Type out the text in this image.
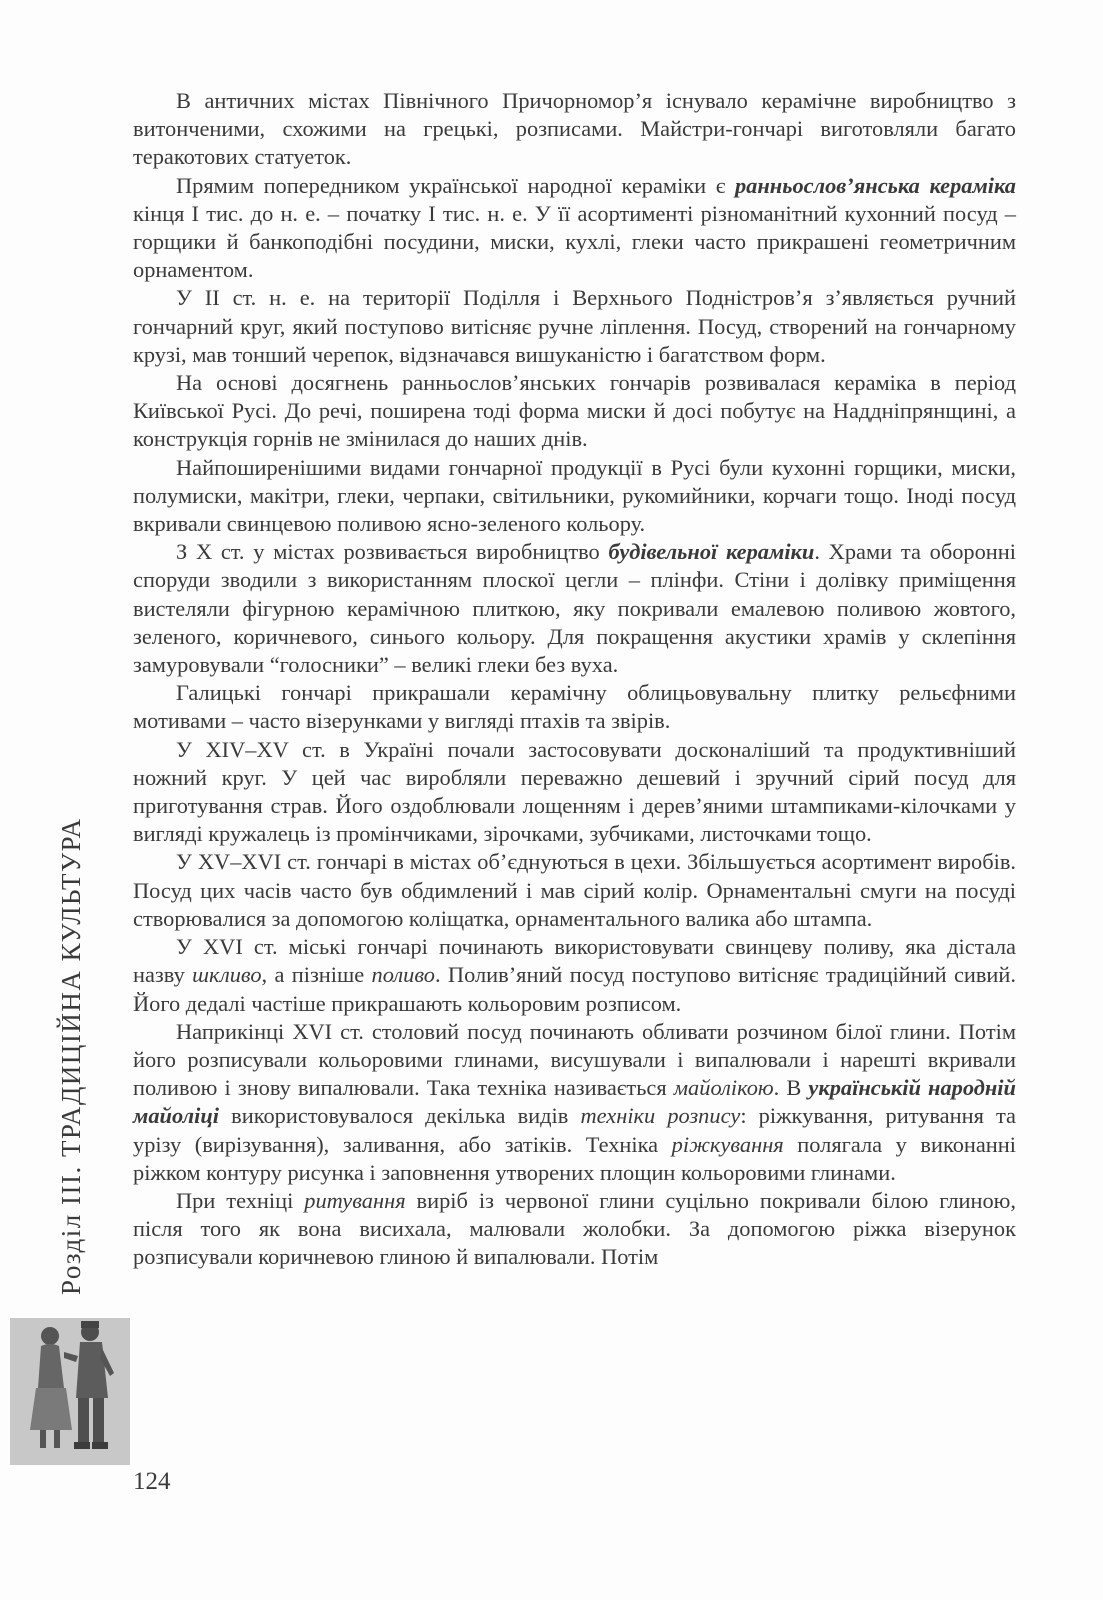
В античних містах Північного Причорномор’я існувало керамічне виробництво з витонченими, схожими на грецькі, розписами. Майстри-гончарі виготовляли багато теракотових статуеток.

Прямим попередником української народної кераміки є ранньослов’янська кераміка кінця І тис. до н. е. – початку І тис. н. е. У її асортименті різноманітний кухонний посуд – горщики й банкоподібні посудини, миски, кухлі, глеки часто прикрашені геометричним орнаментом.

У ІІ ст. н. е. на території Поділля і Верхнього Подністров’я з’являється ручний гончарний круг, який поступово витісняє ручне ліплення. Посуд, створений на гончарному крузі, мав тонший черепок, відзначався вишуканістю і багатством форм.

На основі досягнень ранньослов’янських гончарів розвивалася кераміка в період Київської Русі. До речі, поширена тоді форма миски й досі побутує на Наддніпрянщині, а конструкція горнів не змінилася до наших днів.

Найпоширенішими видами гончарної продукції в Русі були кухонні горщики, миски, полумиски, макітри, глеки, черпаки, світильники, рукомийники, корчаги тощо. Іноді посуд вкривали свинцевою поливою ясно-зеленого кольору.

З Х ст. у містах розвивається виробництво будівельної кераміки. Храми та оборонні споруди зводили з використанням плоскої цегли – плінфи. Стіни і долівку приміщення вистеляли фігурною керамічною плиткою, яку покривали емалевою поливою жовтого, зеленого, коричневого, синього кольору. Для покращення акустики храмів у склепіння замуровували “голосники” – великі глеки без вуха.

Галицькі гончарі прикрашали керамічну облицьовувальну плитку рельєфними мотивами – часто візерунками у вигляді птахів та звірів.

У XIV–XV ст. в Україні почали застосовувати досконаліший та продуктивніший ножний круг. У цей час виробляли переважно дешевий і зручний сірий посуд для приготування страв. Його оздоблювали лощенням і дерев’яними штампиками-кілочками у вигляді кружалець із промінчиками, зірочками, зубчиками, листочками тощо.

У XV–XVI ст. гончарі в містах об’єднуються в цехи. Збільшується асортимент виробів. Посуд цих часів часто був обдимлений і мав сірий колір. Орнаментальні смуги на посуді створювалися за допомогою коліщатка, орнаментального валика або штампа.

У XVI ст. міські гончарі починають використовувати свинцеву поливу, яка дістала назву шкливо, а пізніше поливо. Полив’яний посуд поступово витісняє традиційний сивий. Його дедалі частіше прикрашають кольоровим розписом.

Наприкінці XVI ст. столовий посуд починають обливати розчином білої глини. Потім його розписували кольоровими глинами, висушували і випалювали і нарешті вкривали поливою і знову випалювали. Така техніка називається майолікою. В українській народній майоліці використовувалося декілька видів техніки розпису: ріжкування, ритування та урізу (вирізування), заливання, або затіків. Техніка ріжкування полягала у виконанні ріжком контуру рисунка і заповнення утворених площин кольоровими глинами.

При техніці ритування виріб із червоної глини суцільно покривали білою глиною, після того як вона висихала, малювали жолобки. За допомогою ріжка візерунок розписували коричневою глиною й випалювали. Потім

Розділ ІІІ. ТРАДИЦІЙНА КУЛЬТУРА
124
